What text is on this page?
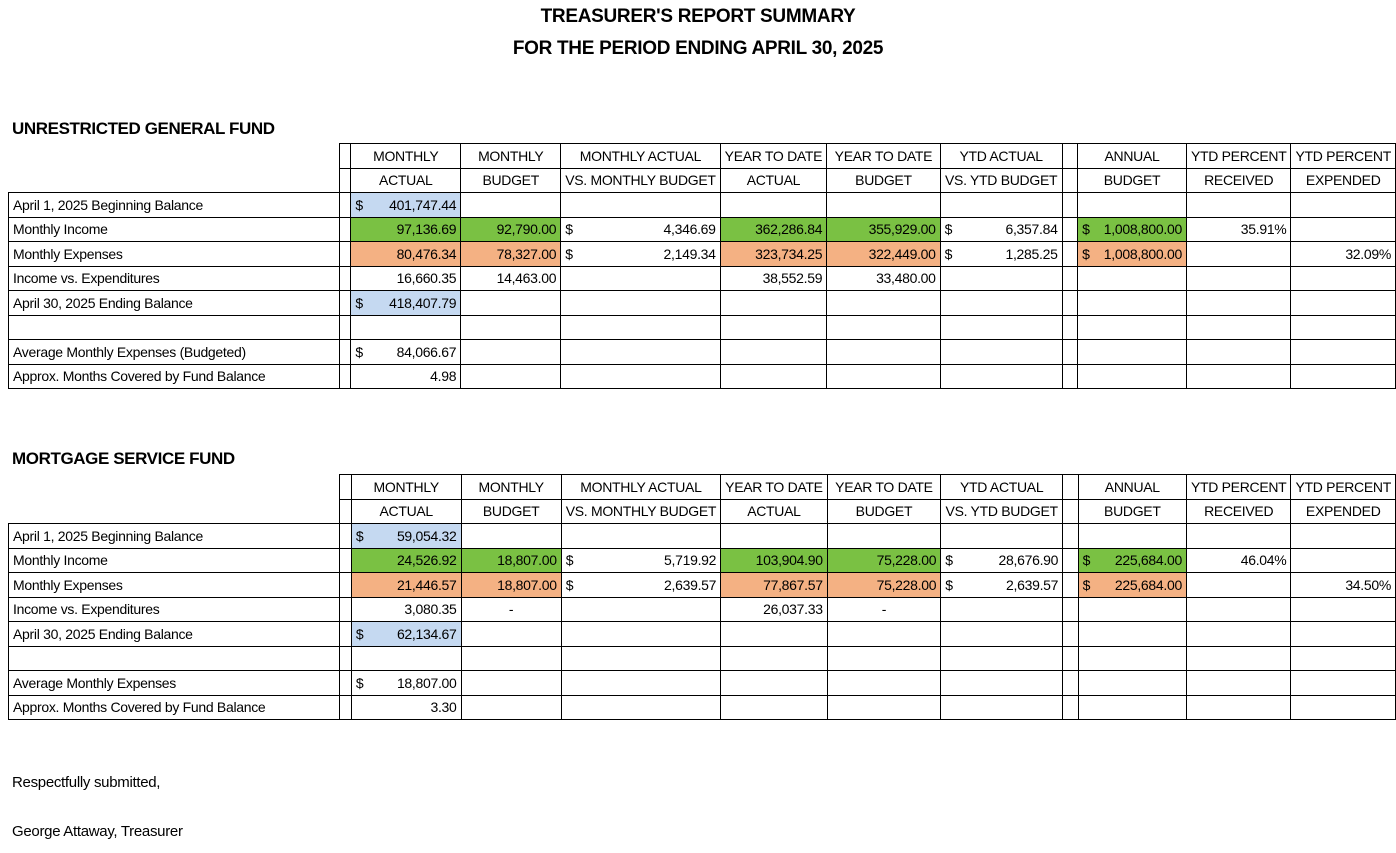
TREASURER'S REPORT SUMMARY
FOR THE PERIOD ENDING APRIL 30, 2025
UNRESTRICTED GENERAL FUND
		MONTHLY	MONTHLY	MONTHLY ACTUAL	YEAR TO DATE	YEAR TO DATE	YTD ACTUAL		ANNUAL	YTD PERCENT	YTD PERCENT
		ACTUAL	BUDGET	VS. MONTHLY BUDGET	ACTUAL	BUDGET	VS. YTD BUDGET		BUDGET	RECEIVED	EXPENDED
April 1, 2025 Beginning Balance		$ 401,747.44									

Monthly Income		97,136.69	92,790.00	$ 4,346.69	362,286.84	355,929.00	$ 6,357.84		$ 1,008,800.00	35.91%	
Monthly Expenses		80,476.34	78,327.00	$ 2,149.34	323,734.25	322,449.00	$ 1,285.25		$ 1,008,800.00		32.09%
Income vs. Expenditures		16,660.35	14,463.00		38,552.59	33,480.00					
April 30, 2025 Ending Balance		$ 418,407.79									

Average Monthly Expenses (Budgeted)		$ 84,066.67									

Approx. Months Covered by Fund Balance		4.98									
MORTGAGE SERVICE FUND
		MONTHLY	MONTHLY	MONTHLY ACTUAL	YEAR TO DATE	YEAR TO DATE	YTD ACTUAL		ANNUAL	YTD PERCENT	YTD PERCENT
		ACTUAL	BUDGET	VS. MONTHLY BUDGET	ACTUAL	BUDGET	VS. YTD BUDGET		BUDGET	RECEIVED	EXPENDED
April 1, 2025 Beginning Balance		$ 59,054.32									

Monthly Income		24,526.92	18,807.00	$ 5,719.92	103,904.90	75,228.00	$ 28,676.90		$ 225,684.00	46.04%	
Monthly Expenses		21,446.57	18,807.00	$ 2,639.57	77,867.57	75,228.00	$ 2,639.57		$ 225,684.00		34.50%
Income vs. Expenditures		3,080.35	-		26,037.33	-					

April 30, 2025 Ending Balance		$ 62,134.67									

Average Monthly Expenses		$ 18,807.00									

Approx. Months Covered by Fund Balance		3.30									
Respectfully submitted,
George Attaway, Treasurer
